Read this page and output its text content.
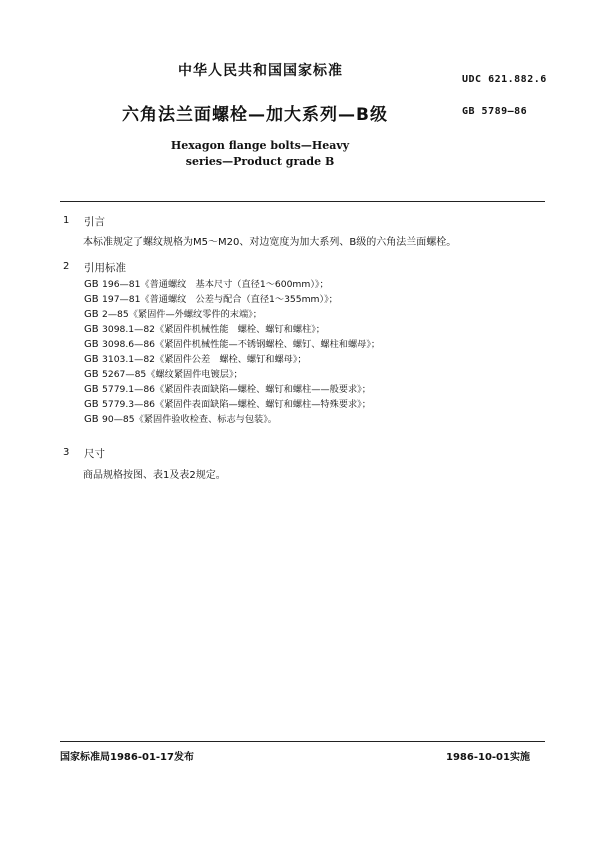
中华人民共和国国家标准
UDC 621.882.6
六角法兰面螺栓—加大系列—B级	GB 5789—86
Hexagon flange bolts—Heavy
series—Product grade B
1 引言
本标准规定了螺纹规格为M5～M20、对边宽度为加大系列、B级的六角法兰面螺栓。
2 引用标准
GB 196—81《普通螺纹　基本尺寸（直径1～600mm）》；
GB 197—81《普通螺纹　公差与配合（直径1～355mm）》；
GB 2—85《紧固件—外螺纹零件的末端》；
GB 3098.1—82《紧固件机械性能　螺栓、螺钉和螺柱》；
GB 3098.6—86《紧固件机械性能—不锈钢螺栓、螺钉、螺柱和螺母》；
GB 3103.1—82《紧固件公差　螺栓、螺钉和螺母》；
GB 5267—85《螺纹紧固件电镀层》；
GB 5779.1—86《紧固件表面缺陷—螺栓、螺钉和螺柱——般要求》；
GB 5779.3—86《紧固件表面缺陷—螺栓、螺钉和螺柱—特殊要求》；
GB 90—85《紧固件验收检查、标志与包装》。
3 尺寸
商品规格按图、表1及表2规定。
国家标准局1986-01-17发布	1986-10-01实施
